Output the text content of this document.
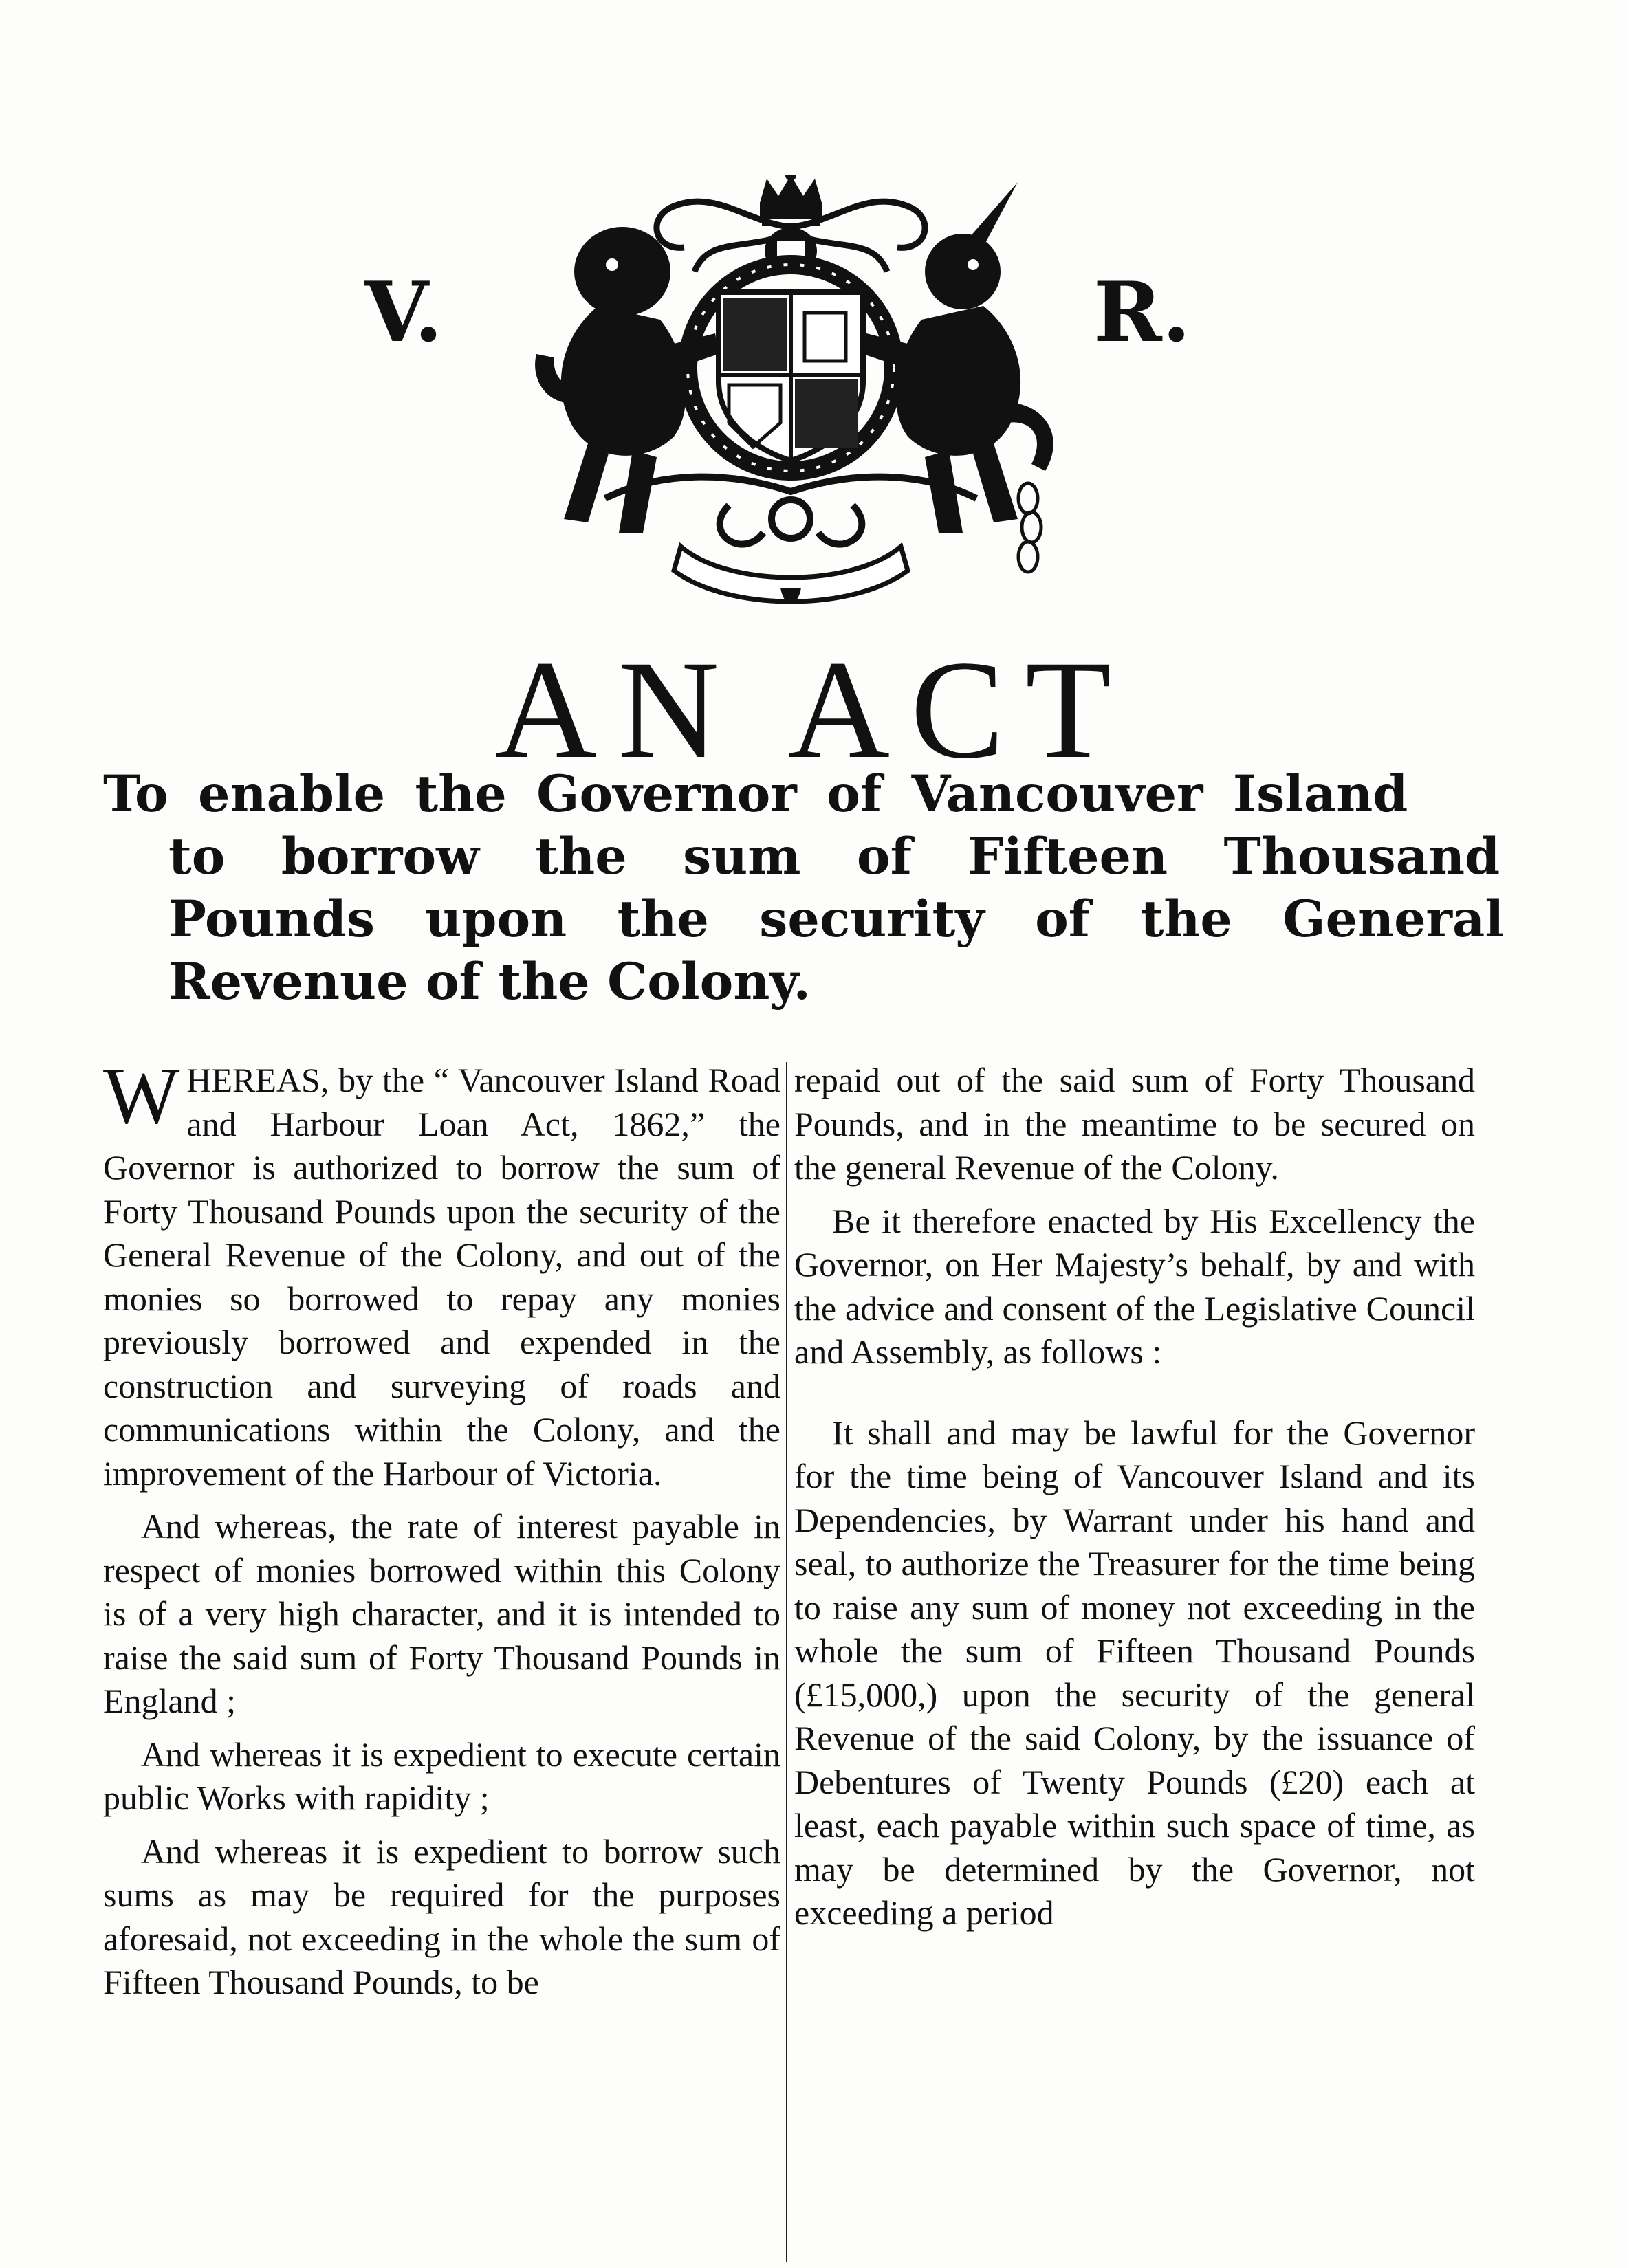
V.	R.
AN ACT
To enable the Governor of Vancouver Island
to borrow the sum of Fifteen Thousand
Pounds upon the security of the General
Revenue of the Colony.

WHEREAS, by the “ Vancouver Island Road and Harbour Loan Act, 1862,” the Governor is authorized to borrow the sum of Forty Thousand Pounds upon the security of the General Revenue of the Colony, and out of the monies so borrowed to repay any monies previously borrowed and expended in the construction and surveying of roads and communications within the Colony, and the improvement of the Harbour of Victoria.

And whereas, the rate of interest payable in respect of monies borrowed within this Colony is of a very high character, and it is intended to raise the said sum of Forty Thousand Pounds in England ;

And whereas it is expedient to execute certain public Works with rapidity ;

And whereas it is expedient to borrow such sums as may be required for the purposes aforesaid, not exceeding in the whole the sum of Fifteen Thousand Pounds, to be

repaid out of the said sum of Forty Thousand Pounds, and in the meantime to be secured on the general Revenue of the Colony.

Be it therefore enacted by His Excellency the Governor, on Her Majesty’s behalf, by and with the advice and consent of the Legislative Council and Assembly, as follows :

It shall and may be lawful for the Governor for the time being of Vancouver Island and its Dependencies, by Warrant under his hand and seal, to authorize the Treasurer for the time being to raise any sum of money not exceeding in the whole the sum of Fifteen Thousand Pounds (£15,000,) upon the security of the general Revenue of the said Colony, by the issuance of Debentures of Twenty Pounds (£20) each at least, each payable within such space of time, as may be determined by the Governor, not exceeding a period
